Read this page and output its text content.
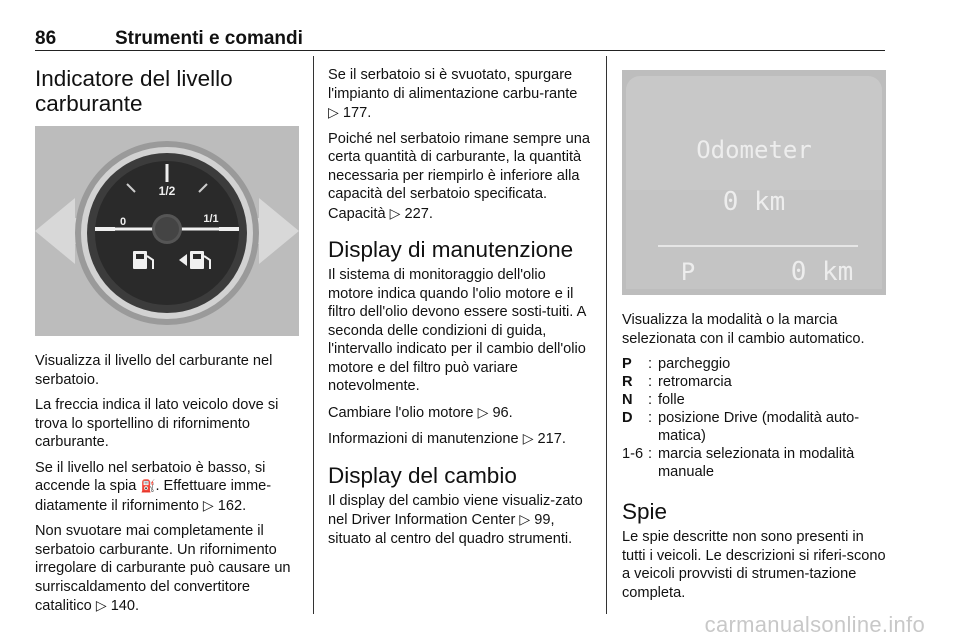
86	Strumenti e comandi
Indicatore del livello carburante
1/2
1/1
0

Visualizza il livello del carburante nel serbatoio.

La freccia indica il lato veicolo dove si trova lo sportellino di rifornimento carburante.

Se il livello nel serbatoio è basso, si accende la spia ⛽. Effettuare imme-diatamente il rifornimento ▷ 162.

Non svuotare mai completamente il serbatoio carburante. Un rifornimento irregolare di carburante può causare un surriscaldamento del convertitore catalitico ▷ 140.

Se il serbatoio si è svuotato, spurgare l'impianto di alimentazione carbu-rante ▷ 177.

Poiché nel serbatoio rimane sempre una certa quantità di carburante, la quantità necessaria per riempirlo è inferiore alla capacità del serbatoio specificata. Capacità ▷ 227.

Display di manutenzione

Il sistema di monitoraggio dell'olio motore indica quando l'olio motore e il filtro dell'olio devono essere sosti-tuiti. A seconda delle condizioni di guida, l'intervallo indicato per il cambio dell'olio motore e del filtro può variare notevolmente.

Cambiare l'olio motore ▷ 96.

Informazioni di manutenzione ▷ 217.

Display del cambio

Il display del cambio viene visualiz-zato nel Driver Information Center ▷ 99, situato al centro del quadro strumenti.

Odometer
0 km
P	0 km

Visualizza la modalità o la marcia selezionata con il cambio automatico.

P	:	parcheggio
R	:	retromarcia
N	:	folle
D	:	posizione Drive (modalità auto-matica)
1-6	:	marcia selezionata in modalità manuale
Spie

Le spie descritte non sono presenti in tutti i veicoli. Le descrizioni si riferi-scono a veicoli provvisti di strumen-tazione completa.

carmanualsonline.info
